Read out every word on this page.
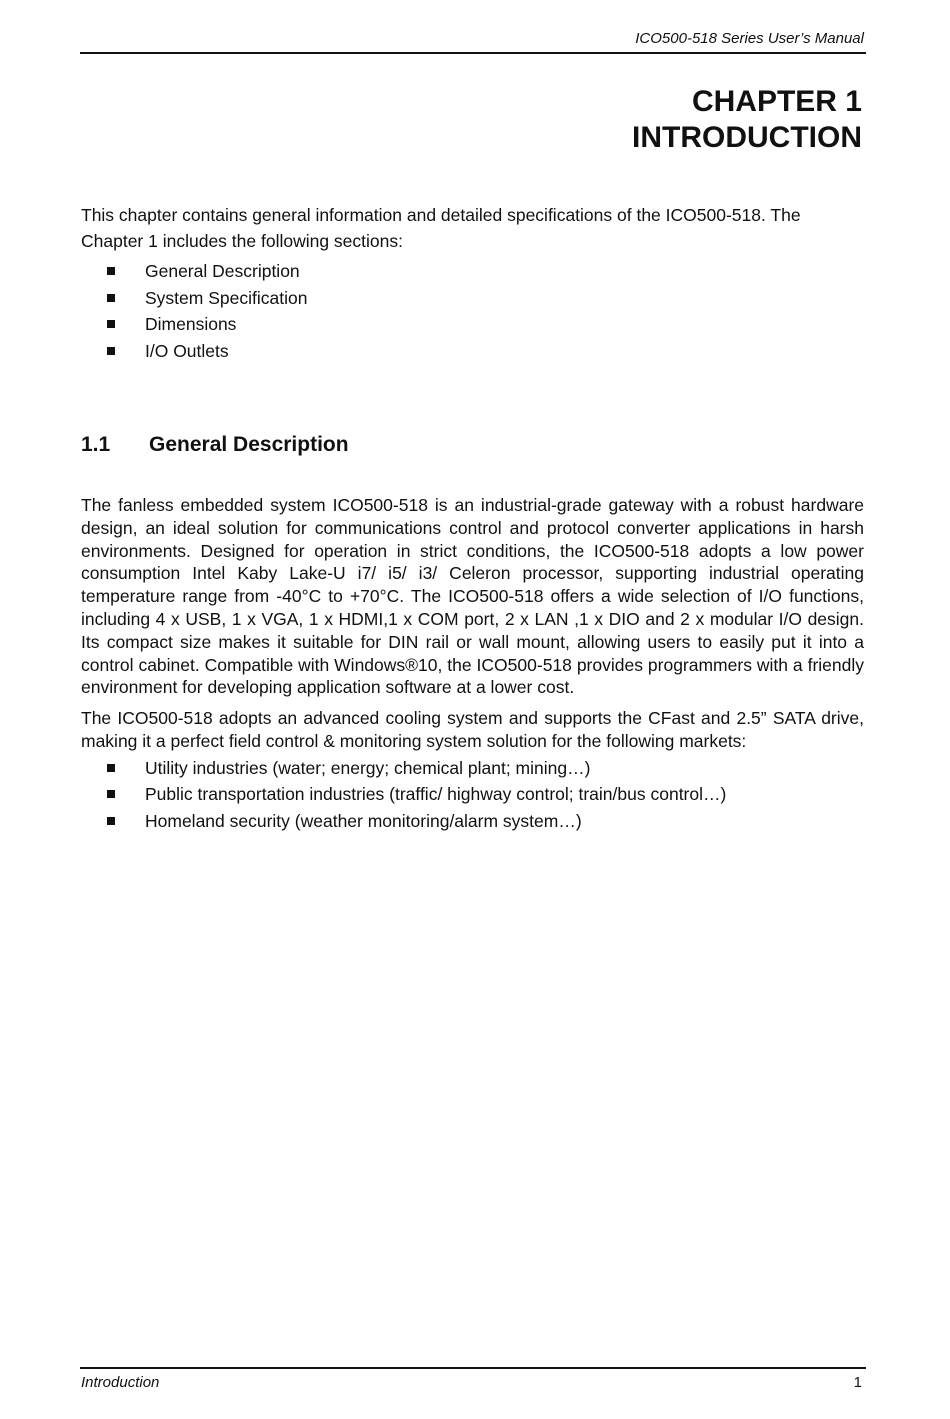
ICO500-518 Series User’s Manual
CHAPTER 1
INTRODUCTION

This chapter contains general information and detailed specifications of the ICO500-518. The Chapter 1 includes the following sections:

General Description
System Specification
Dimensions
I/O Outlets
1.1 General Description

The fanless embedded system ICO500-518 is an industrial-grade gateway with a robust hardware design, an ideal solution for communications control and protocol converter applications in harsh environments. Designed for operation in strict conditions, the ICO500-518 adopts a low power consumption Intel Kaby Lake-U i7/ i5/ i3/ Celeron processor, supporting industrial operating temperature range from -40°C to +70°C. The ICO500-518 offers a wide selection of I/O functions, including 4 x USB, 1 x VGA, 1 x HDMI,1 x COM port, 2 x LAN ,1 x DIO and 2 x modular I/O design. Its compact size makes it suitable for DIN rail or wall mount, allowing users to easily put it into a control cabinet. Compatible with Windows®10, the ICO500-518 provides programmers with a friendly environment for developing application software at a lower cost.

The ICO500-518 adopts an advanced cooling system and supports the CFast and 2.5” SATA drive, making it a perfect field control & monitoring system solution for the following markets:

Utility industries (water; energy; chemical plant; mining…)
Public transportation industries (traffic/ highway control; train/bus control…)
Homeland security (weather monitoring/alarm system…)
Introduction	1
